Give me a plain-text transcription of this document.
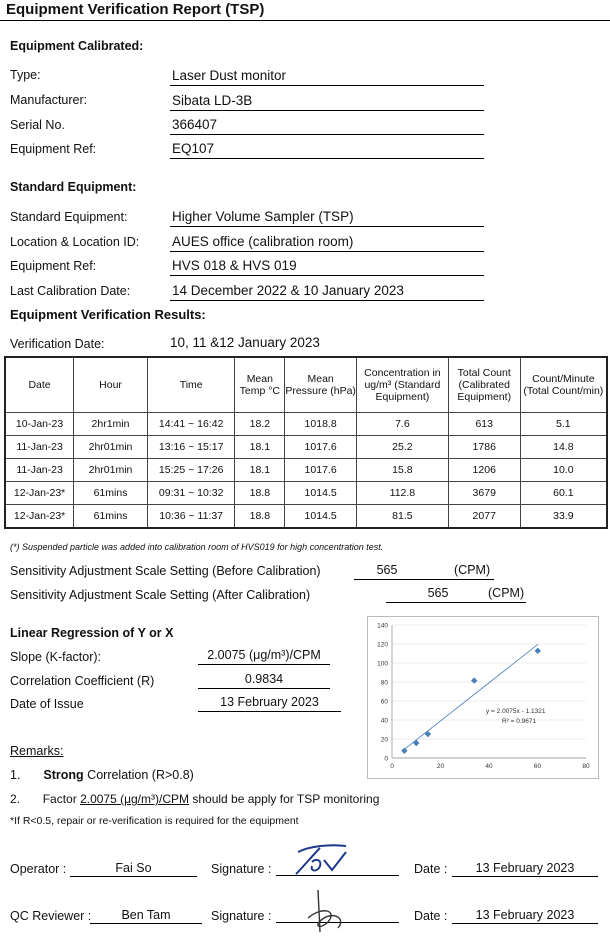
Equipment Verification Report (TSP)
Equipment Calibrated:
Type:	Laser Dust monitor
Manufacturer:	Sibata LD-3B
Serial No.	366407
Equipment Ref:	EQ107
Standard Equipment:
Standard Equipment:	Higher Volume Sampler (TSP)
Location & Location ID: AUES office (calibration room)
Equipment Ref:	HVS 018 & HVS 019
Last Calibration Date:	14 December 2022 & 10 January 2023
Equipment Verification Results:
Verification Date:	10, 11 &12 January 2023
Date	Hour	Time	Mean Temp °C	Mean Pressure (hPa)	Concentration in ug/m³ (Standard Equipment)	Total Count (Calibrated Equipment)	Count/Minute (Total Count/min)
10-Jan-23	2hr1min	14:41 ~ 16:42	18.2	1018.8	7.6	613	5.1
11-Jan-23	2hr01min	13:16 ~ 15:17	18.1	1017.6	25.2	1786	14.8
11-Jan-23	2hr01min	15:25 ~ 17:26	18.1	1017.6	15.8	1206	10.0
12-Jan-23*	61mins	09:31 ~ 10:32	18.8	1014.5	112.8	3679	60.1
12-Jan-23*	61mins	10:36 ~ 11:37	18.8	1014.5	81.5	2077	33.9
(*) Suspended particle was added into calibration room of HVS019 for high concentration test.
Sensitivity Adjustment Scale Setting (Before Calibration)	565	(CPM)
Sensitivity Adjustment Scale Setting (After Calibration)	565	(CPM)
Linear Regression of Y or X
Slope (K-factor):	2.0075 (μg/m³)/CPM
Correlation Coefficient (R)	0.9834
Date of Issue	13 February 2023
0
20
40
60
80
100
120
140
0	20	40	60	80
y = 2.0075x - 1.1321
R² = 0.9671
Remarks:
1. Strong Correlation (R>0.8)
2. Factor 2.0075 (μg/m³)/CPM should be apply for TSP monitoring
*If R<0.5, repair or re-verification is required for the equipment
Operator :	Fai So	Signature :	Date :	13 February 2023
QC Reviewer :	Ben Tam	Signature :	Date :	13 February 2023
